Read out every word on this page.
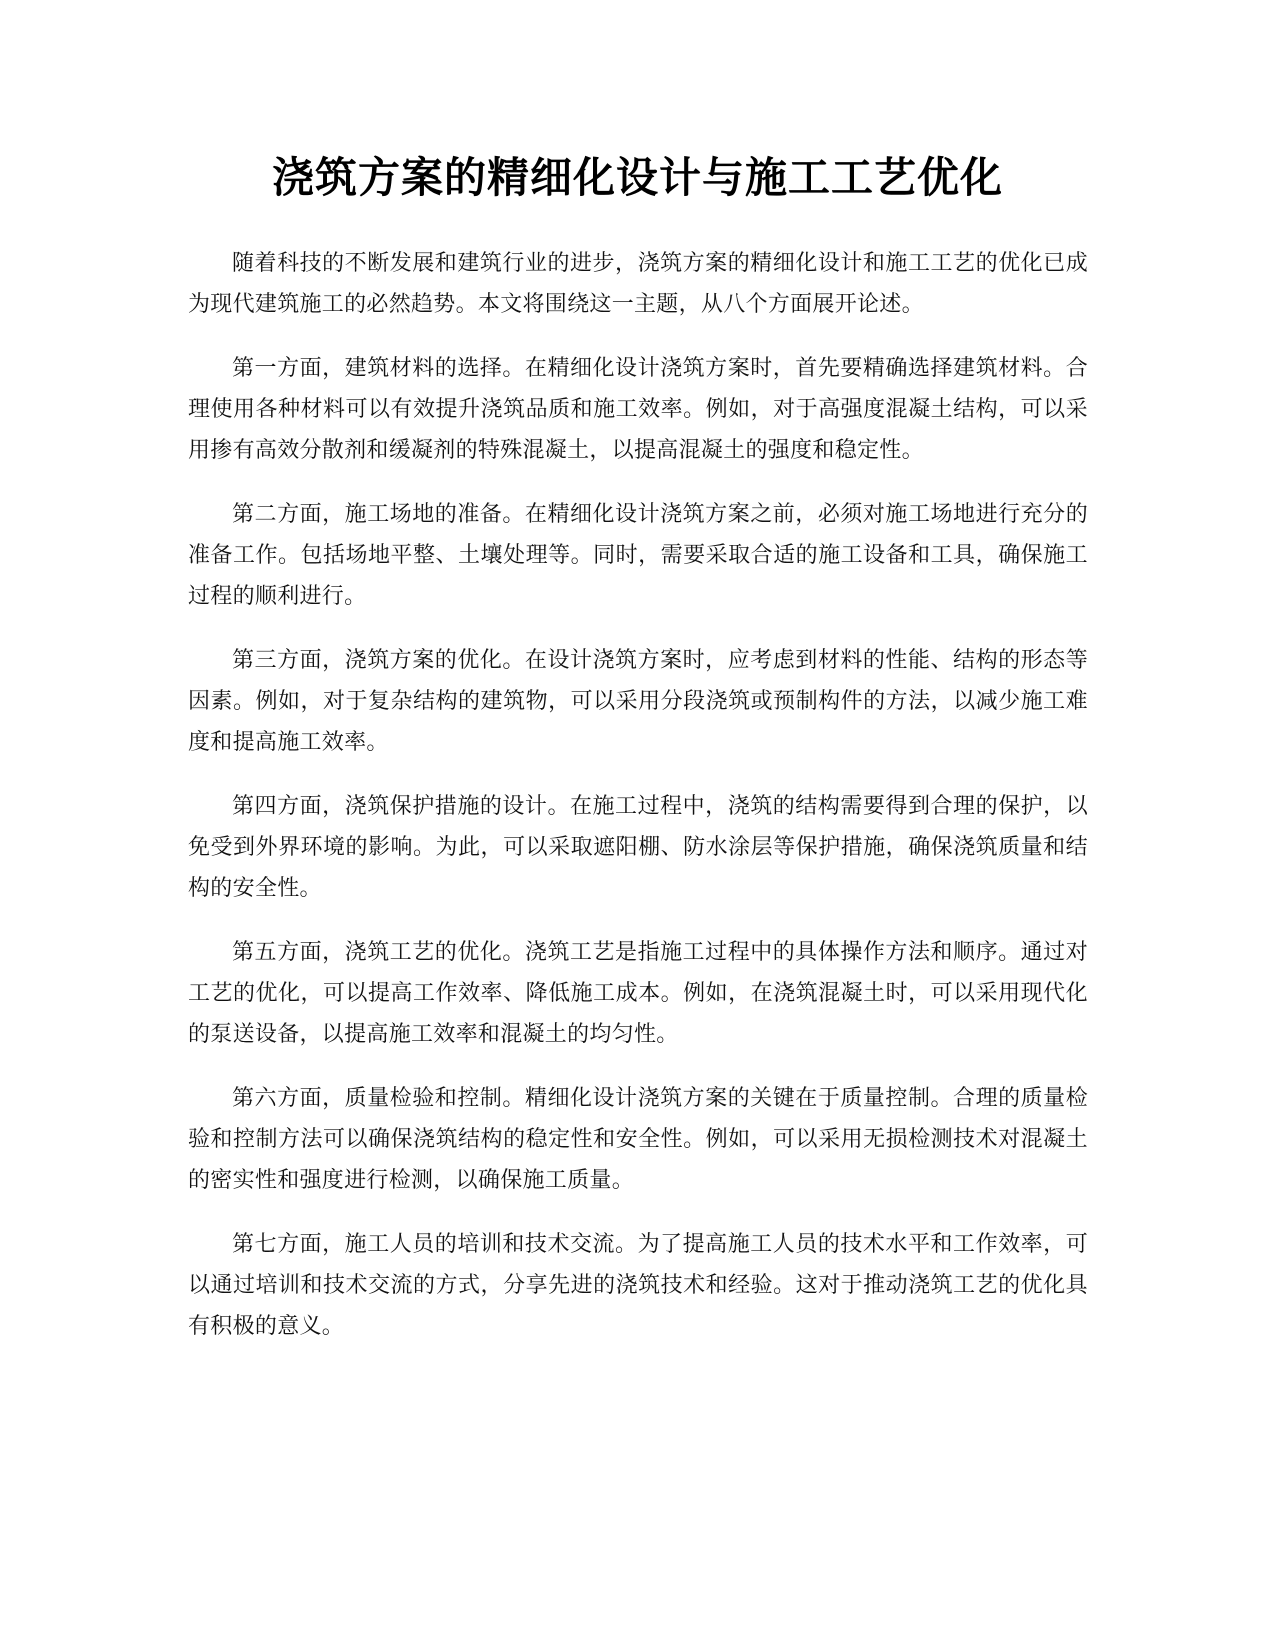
浇筑方案的精细化设计与施工工艺优化

随着科技的不断发展和建筑行业的进步，浇筑方案的精细化设计和施工工艺的优化已成为现代建筑施工的必然趋势。本文将围绕这一主题，从八个方面展开论述。

第一方面，建筑材料的选择。在精细化设计浇筑方案时，首先要精确选择建筑材料。合理使用各种材料可以有效提升浇筑品质和施工效率。例如，对于高强度混凝土结构，可以采用掺有高效分散剂和缓凝剂的特殊混凝土，以提高混凝土的强度和稳定性。

第二方面，施工场地的准备。在精细化设计浇筑方案之前，必须对施工场地进行充分的准备工作。包括场地平整、土壤处理等。同时，需要采取合适的施工设备和工具，确保施工过程的顺利进行。

第三方面，浇筑方案的优化。在设计浇筑方案时，应考虑到材料的性能、结构的形态等因素。例如，对于复杂结构的建筑物，可以采用分段浇筑或预制构件的方法，以减少施工难度和提高施工效率。

第四方面，浇筑保护措施的设计。在施工过程中，浇筑的结构需要得到合理的保护，以免受到外界环境的影响。为此，可以采取遮阳棚、防水涂层等保护措施，确保浇筑质量和结构的安全性。

第五方面，浇筑工艺的优化。浇筑工艺是指施工过程中的具体操作方法和顺序。通过对工艺的优化，可以提高工作效率、降低施工成本。例如，在浇筑混凝土时，可以采用现代化的泵送设备，以提高施工效率和混凝土的均匀性。

第六方面，质量检验和控制。精细化设计浇筑方案的关键在于质量控制。合理的质量检验和控制方法可以确保浇筑结构的稳定性和安全性。例如，可以采用无损检测技术对混凝土的密实性和强度进行检测，以确保施工质量。

第七方面，施工人员的培训和技术交流。为了提高施工人员的技术水平和工作效率，可以通过培训和技术交流的方式，分享先进的浇筑技术和经验。这对于推动浇筑工艺的优化具有积极的意义。
